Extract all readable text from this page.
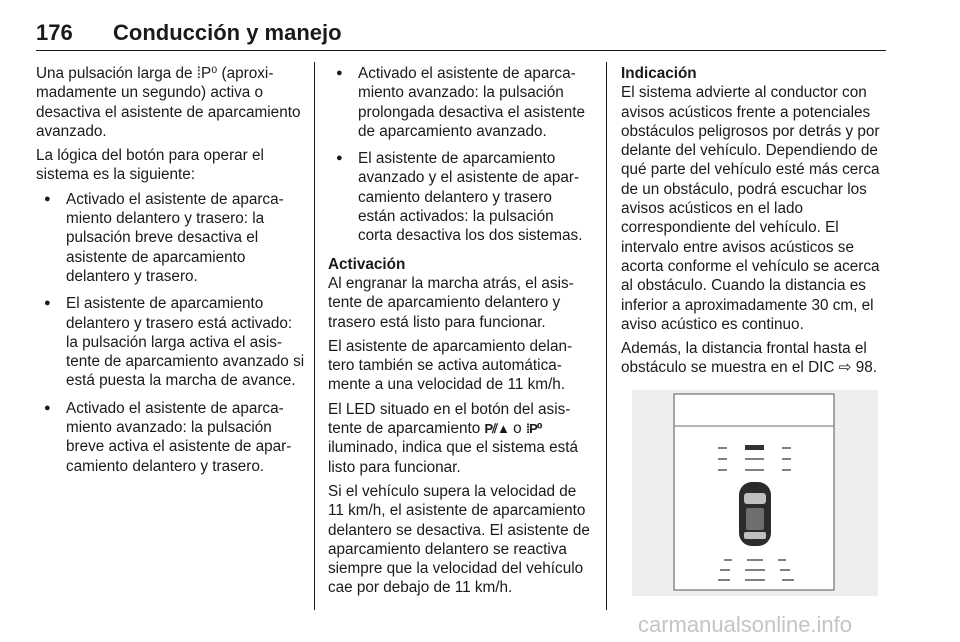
176 Conducción y manejo

Una pulsación larga de ⁞P⁰ (aproximadamente un segundo) activa o desactiva el asistente de aparcamiento avanzado.

La lógica del botón para operar el sistema es la siguiente:

● Activado el asistente de aparcamiento delantero y trasero: la pulsación breve desactiva el asistente de aparcamiento delantero y trasero.
● El asistente de aparcamiento delantero y trasero está activado: la pulsación larga activa el asistente de aparcamiento avanzado si está puesta la marcha de avance.
● Activado el asistente de aparcamiento avanzado: la pulsación breve activa el asistente de aparcamiento delantero y trasero.
● Activado el asistente de aparcamiento avanzado: la pulsación prolongada desactiva el asistente de aparcamiento avanzado.
● El asistente de aparcamiento avanzado y el asistente de aparcamiento delantero y trasero están activados: la pulsación corta desactiva los dos sistemas.

Activación

Al engranar la marcha atrás, el asistente de aparcamiento delantero y trasero está listo para funcionar.

El asistente de aparcamiento delantero también se activa automáticamente a una velocidad de 11 km/h.

El LED situado en el botón del asistente de aparcamiento P⫽▲ o ⁞P⁰ iluminado, indica que el sistema está listo para funcionar.

Si el vehículo supera la velocidad de 11 km/h, el asistente de aparcamiento delantero se desactiva. El asistente de aparcamiento delantero se reactiva siempre que la velocidad del vehículo cae por debajo de 11 km/h.

Indicación

El sistema advierte al conductor con avisos acústicos frente a potenciales obstáculos peligrosos por detrás y por delante del vehículo. Dependiendo de qué parte del vehículo esté más cerca de un obstáculo, podrá escuchar los avisos acústicos en el lado correspondiente del vehículo. El intervalo entre avisos acústicos se acorta conforme el vehículo se acerca al obstáculo. Cuando la distancia es inferior a aproximadamente 30 cm, el aviso acústico es continuo.

Además, la distancia frontal hasta el obstáculo se muestra en el DIC ⇨ 98.

carmanualsonline.info
